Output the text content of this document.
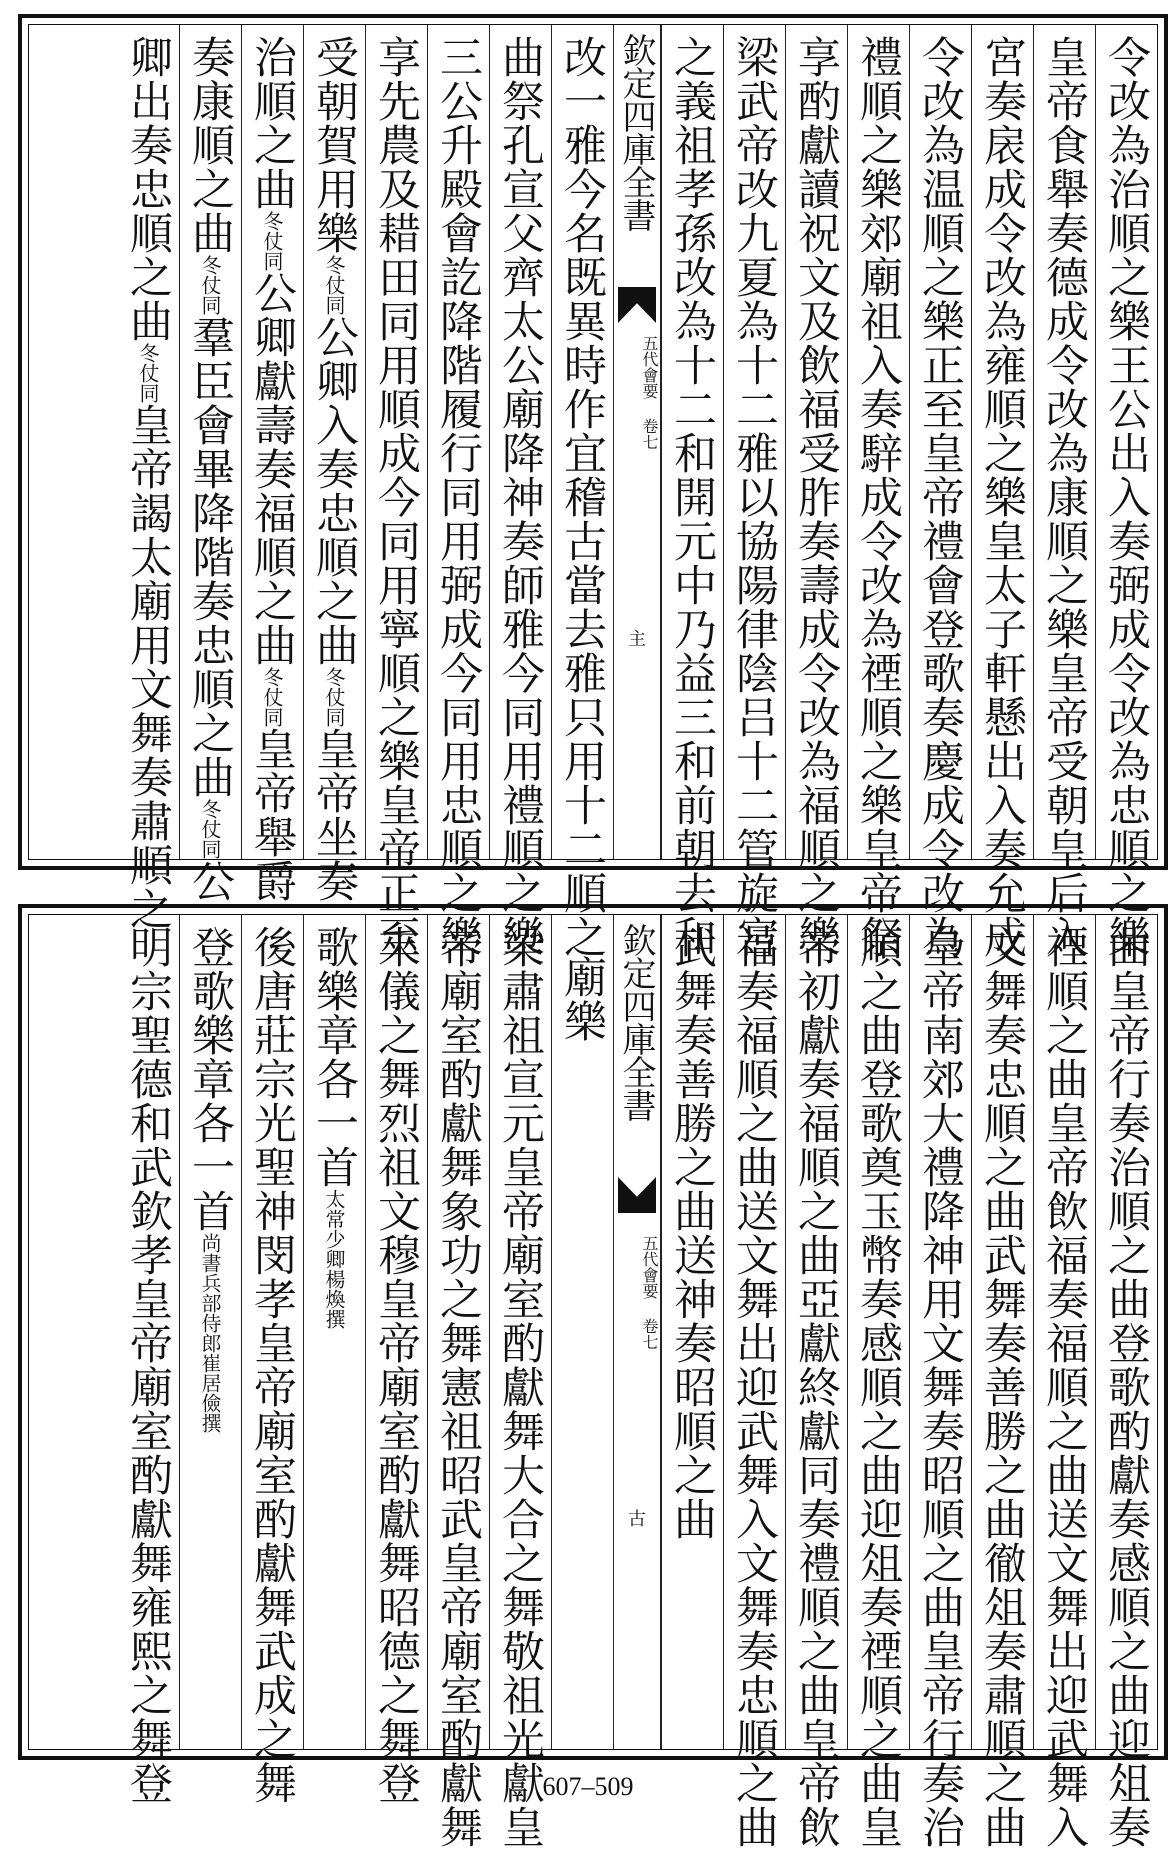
令改為治順之樂王公出入奏弼成令改為忠順之樂
皇帝食舉奏德成令改為康順之樂皇帝受朝皇后入
宮奏扆成令改為雍順之樂皇太子軒懸出入奏允成
令改為温順之樂正至皇帝禮會登歌奏慶成令改為
禮順之樂郊廟祖入奏騂成令改為禋順之樂皇帝祭
享酌獻讀祝文及飲福受胙奏壽成令改為福順之樂
梁武帝改九夏為十二雅以協陽律陰吕十二管旋宮
之義祖孝孫改為十二和開元中乃益三和前朝去和
欽定四庫全書
五代會要 卷七
主
改一雅今名既異時作宜稽古當去雅只用十二順之
曲祭孔宣父齊太公廟降神奏師雅今同用禮順之樂
三公升殿會訖降階履行同用弼成今同用忠順之樂
享先農及耤田同用順成今同用寧順之樂皇帝正至
受朝賀用樂冬仗同公卿入奏忠順之曲冬仗同皇帝坐奏
治順之曲冬仗同公卿獻壽奏福順之曲冬仗同皇帝舉爵
奏康順之曲冬仗同羣臣會畢降階奏忠順之曲冬仗同公
卿出奏忠順之曲冬仗同皇帝謁太廟用文舞奏肅順之
曲皇帝行奏治順之曲登歌酌獻奏感順之曲迎俎奏
禋順之曲皇帝飲福奏福順之曲送文舞出迎武舞入
文舞奏忠順之曲武舞奏善勝之曲徹俎奏肅順之曲
皇帝南郊大禮降神用文舞奏昭順之曲皇帝行奏治
順之曲登歌奠玉幣奏感順之曲迎俎奏禋順之曲皇
帝初獻奏福順之曲亞獻終獻同奏禮順之曲皇帝飲
福奏福順之曲送文舞出迎武舞入文舞奏忠順之曲
武舞奏善勝之曲送神奏昭順之曲
欽定四庫全書
五代會要 卷七
古
廟樂
梁肅祖宣元皇帝廟室酌獻舞大合之舞敬祖光獻皇
帝廟室酌獻舞象功之舞憲祖昭武皇帝廟室酌獻舞
來儀之舞烈祖文穆皇帝廟室酌獻舞昭德之舞登
歌樂章各一首太常少卿楊煥撰
後唐莊宗光聖神閔孝皇帝廟室酌獻舞武成之舞
登歌樂章各一首尚書兵部侍郎崔居儉撰
明宗聖德和武欽孝皇帝廟室酌獻舞雍熙之舞登	607–509
